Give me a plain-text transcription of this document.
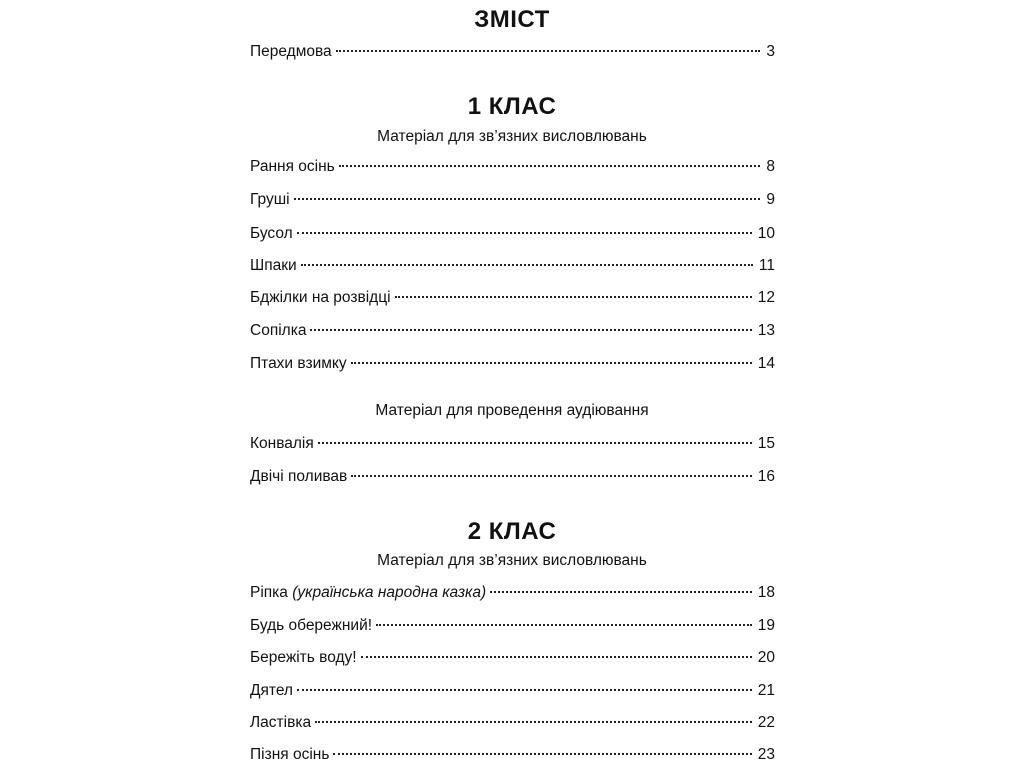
ЗМІСТ
Передмова	3
1 КЛАС
Матеріал для зв’язних висловлювань
Рання осінь	8
Груші	9
Бусол	10
Шпаки	11
Бджілки на розвідці	12
Сопілка	13
Птахи взимку	14
Матеріал для проведення аудіювання
Конвалія	15
Двічі поливав	16
2 КЛАС
Матеріал для зв’язних висловлювань
Ріпка (українська народна казка)	18
Будь обережний!	19
Бережіть воду!	20
Дятел	21
Ластівка	22
Пізня осінь	23
